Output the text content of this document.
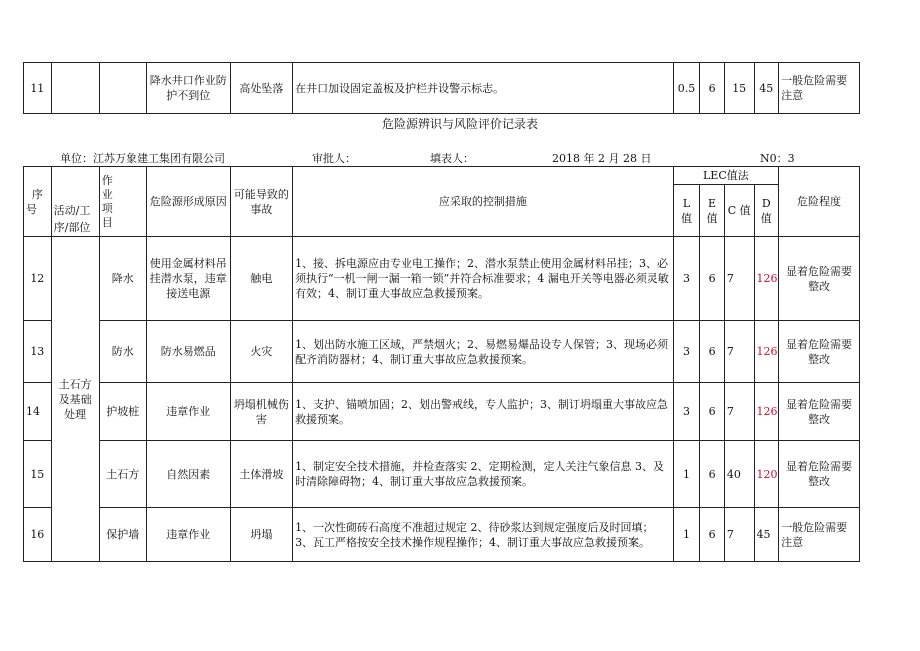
11			降水井口作业防护不到位	高处坠落	在井口加设固定盖板及护栏并设警示标志。	0.5	6	15	45	一般危险需要注意
危险源辨识与风险评价记录表
单位：江苏万象建工集团有限公司	审批人：	填表人：	2018 年 2 月 28 日	N0：3
序
号	活动/工序/部位	作业项目	危险源形成原因	可能导致的事故	应采取的控制措施	LEC值法				危险程度
						L 值	E 值	C 值	D 值	
12	土石方及基础处理	降水	使用金属材料吊挂潜水泵，违章接送电源	触电	1、接、拆电源应由专业电工操作；2、潜水泵禁止使用金属材料吊挂；3、必须执行“一机一闸一漏一箱一锁”并符合标准要求；4 漏电开关等电器必须灵敏有效；4、制订重大事故应急救援预案。	3	6	7	126	显着危险需要整改
13		防水	防水易燃品	火灾	1、划出防水施工区域，严禁烟火；2、易燃易爆品设专人保管；3、现场必须配齐消防器材；4、制订重大事故应急救援预案。	3	6	7	126	显着危险需要整改
14		护坡桩	违章作业	坍塌机械伤害	1、支护、锚喷加固；2、划出警戒线，专人监护；3、制订坍塌重大事故应急救援预案。	3	6	7	126	显着危险需要整改
15		土石方	自然因素	土体滑坡	1、制定安全技术措施，并检查落实 2、定期检测，定人关注气象信息 3、及时清除障碍物；4、制订重大事故应急救援预案。	1	6	40	120	显着危险需要整改
16		保护墙	违章作业	坍塌	1、一次性砌砖石高度不准超过规定 2、待砂浆达到规定强度后及时回填；3、瓦工严格按安全技术操作规程操作；4、制订重大事故应急救援预案。	1	6	7	45	一般危险需要注意
